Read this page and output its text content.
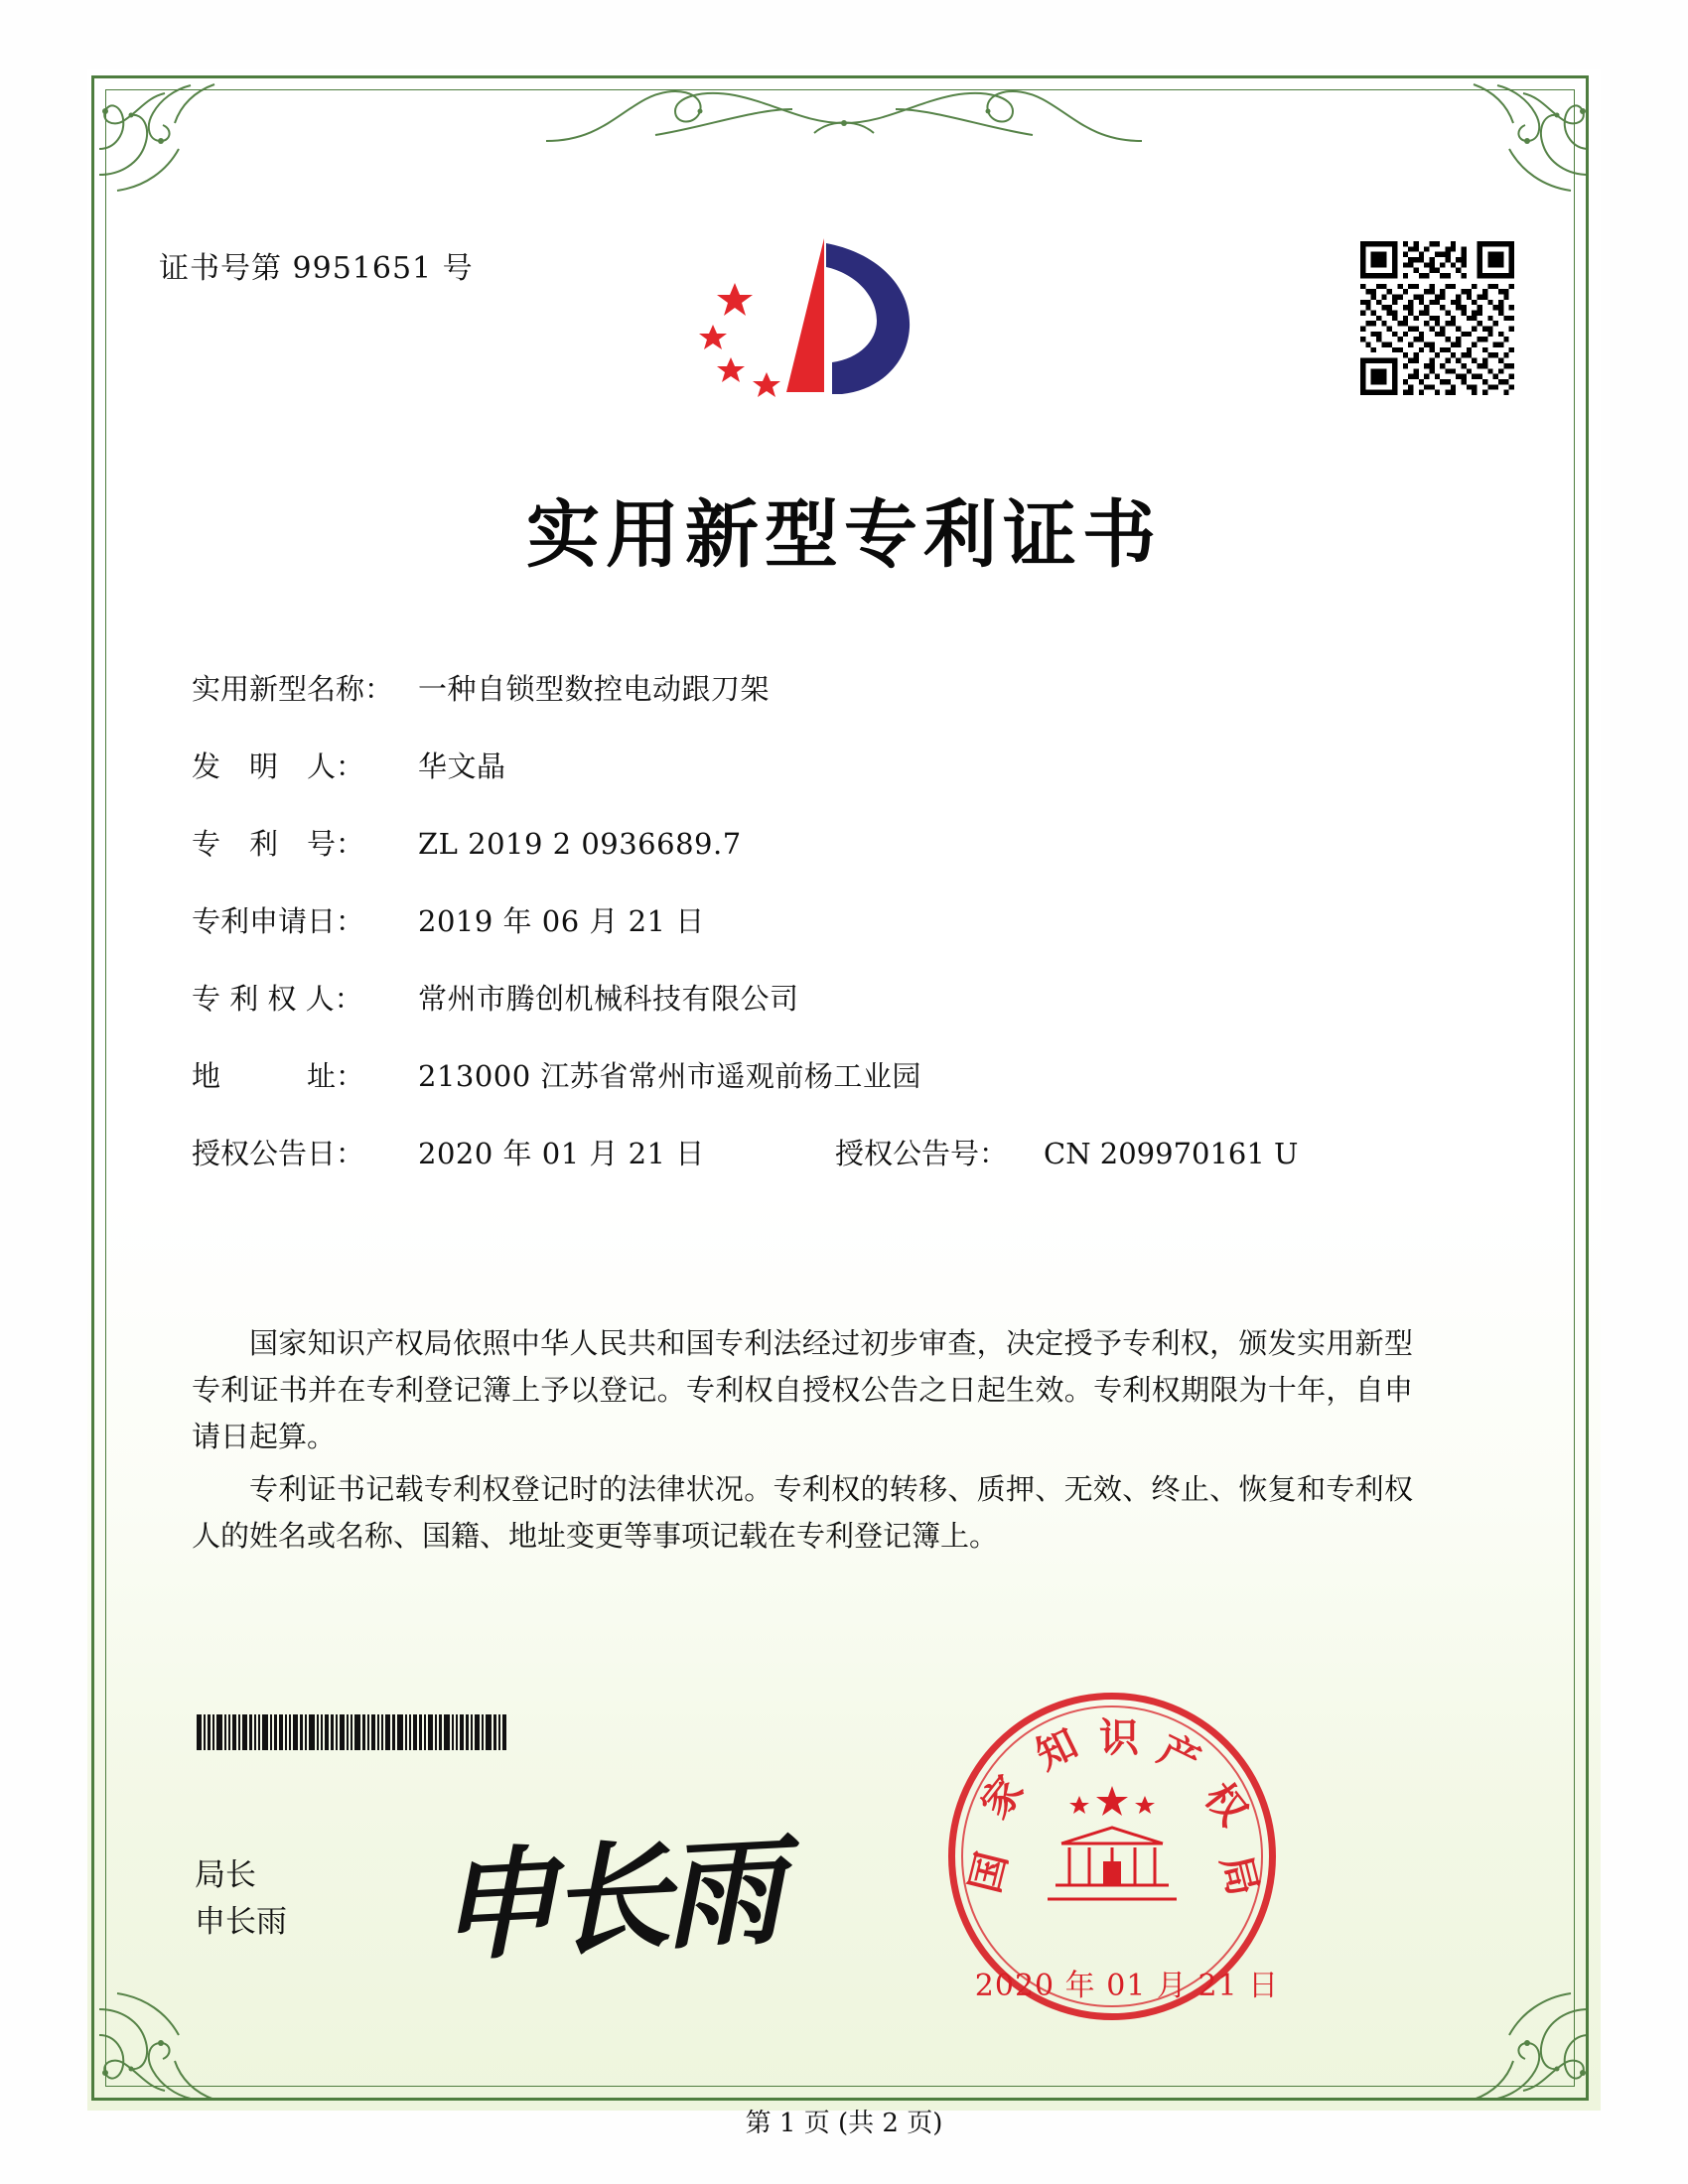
证书号第 9951651 号
实用新型专利证书
实用新型名称： 一种自锁型数控电动跟刀架
发　明　人：	华文晶
专　利　号：	ZL 2019 2 0936689.7
专利申请日：	2019 年 06 月 21 日
专 利 权 人：	常州市腾创机械科技有限公司
地　　　址：	213000 江苏省常州市遥观前杨工业园
授权公告日：	2020 年 01 月 21 日	授权公告号：	CN 209970161 U

国家知识产权局依照中华人民共和国专利法经过初步审查，决定授予专利权，颁发实用新型专利证书并在专利登记簿上予以登记。专利权自授权公告之日起生效。专利权期限为十年，自申请日起算。

专利证书记载专利权登记时的法律状况。专利权的转移、质押、无效、终止、恢复和专利权人的姓名或名称、国籍、地址变更等事项记载在专利登记簿上。

局长
申长雨 申长雨	国
家
知 识 产
权
局
2020 年 01 月 21 日
第 1 页 (共 2 页)
